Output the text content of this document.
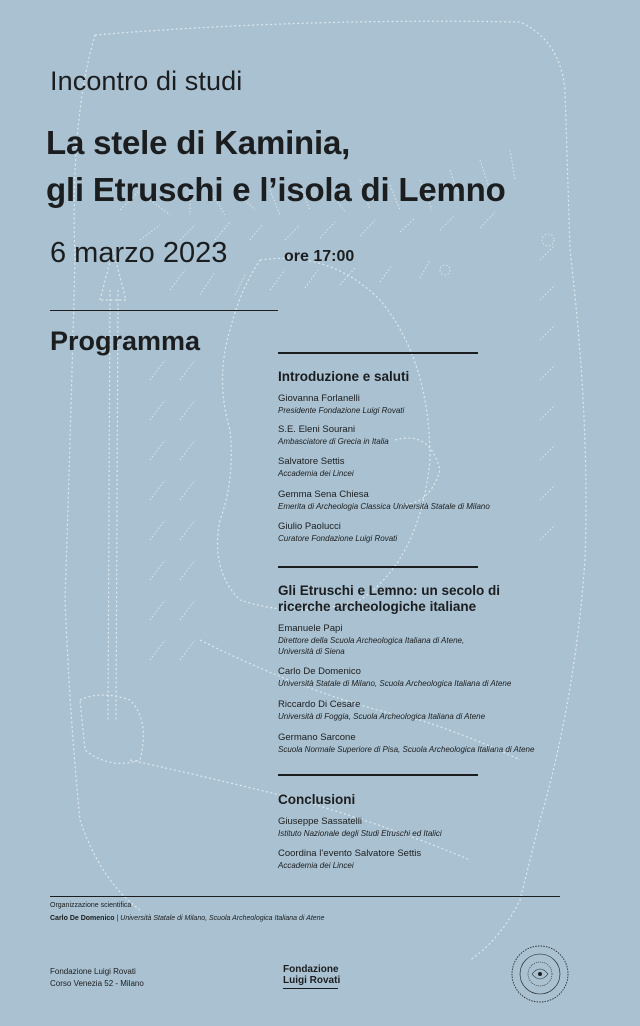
Incontro di studi
La stele di Kaminia,
gli Etruschi e l’isola di Lemno
6 marzo 2023	ore 17:00
Programma
Introduzione e saluti
Giovanna Forlanelli
Presidente Fondazione Luigi Rovati
S.E. Eleni Sourani
Ambasciatore di Grecia in Italia
Salvatore Settis
Accademia dei Lincei
Gemma Sena Chiesa
Emerita di Archeologia Classica Università Statale di Milano
Giulio Paolucci
Curatore Fondazione Luigi Rovati
Gli Etruschi e Lemno: un secolo di
ricerche archeologiche italiane
Emanuele Papi
Direttore della Scuola Archeologica Italiana di Atene,
Università di Siena
Carlo De Domenico
Università Statale di Milano, Scuola Archeologica Italiana di Atene
Riccardo Di Cesare
Università di Foggia, Scuola Archeologica Italiana di Atene
Germano Sarcone
Scuola Normale Superiore di Pisa, Scuola Archeologica Italiana di Atene
Conclusioni
Giuseppe Sassatelli
Istituto Nazionale degli Studi Etruschi ed Italici
Coordina l’evento Salvatore Settis
Accademia dei Lincei
Organizzazione scientifica
Carlo De Domenico | Università Statale di Milano, Scuola Archeologica Italiana di Atene
Fondazione Luigi Rovati
Corso Venezia 52 - Milano
Fondazione
Luigi Rovati
